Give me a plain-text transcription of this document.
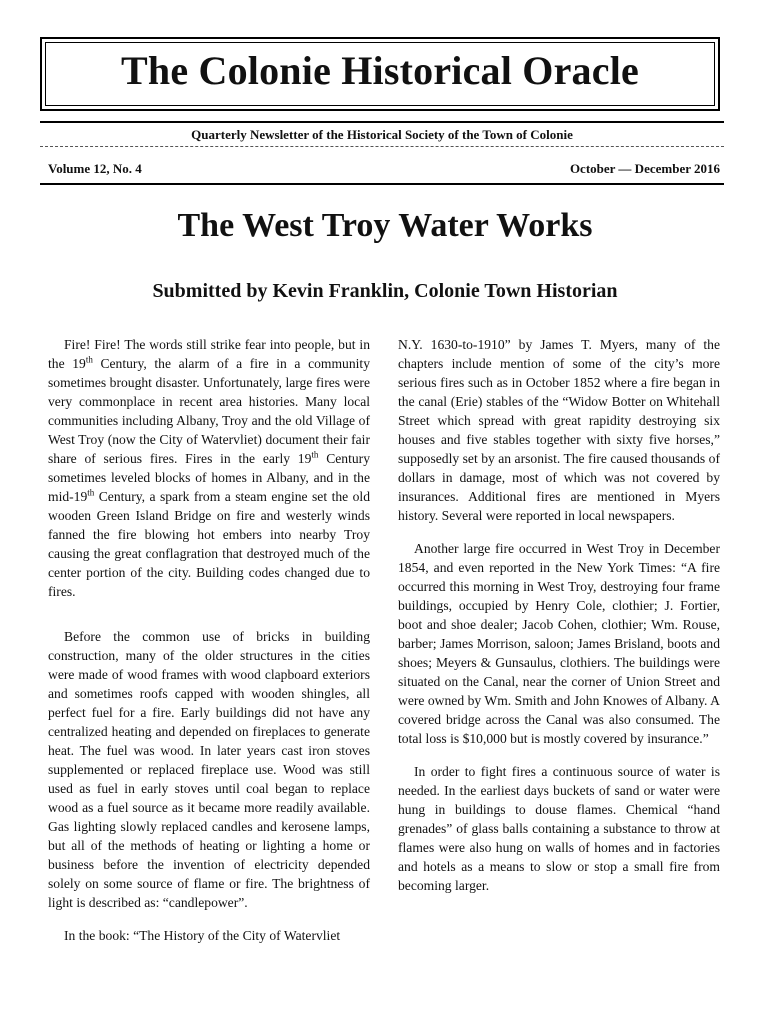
The Colonie Historical Oracle
Quarterly Newsletter of the Historical Society of the Town of Colonie
Volume 12, No. 4	October — December 2016
The West Troy Water Works
Submitted by Kevin Franklin, Colonie Town Historian

Fire! Fire! The words still strike fear into people, but in the 19th Century, the alarm of a fire in a community sometimes brought disaster. Unfortunately, large fires were very commonplace in recent area histories. Many local communities including Albany, Troy and the old Village of West Troy (now the City of Watervliet) document their fair share of serious fires. Fires in the early 19th Century sometimes leveled blocks of homes in Albany, and in the mid-19th Century, a spark from a steam engine set the old wooden Green Island Bridge on fire and westerly winds fanned the fire blowing hot embers into nearby Troy causing the great conflagration that destroyed much of the center portion of the city. Building codes changed due to fires.

Before the common use of bricks in building construction, many of the older structures in the cities were made of wood frames with wood clapboard exteriors and sometimes roofs capped with wooden shingles, all perfect fuel for a fire. Early buildings did not have any centralized heating and depended on fireplaces to generate heat. The fuel was wood. In later years cast iron stoves supplemented or replaced fireplace use. Wood was still used as fuel in early stoves until coal began to replace wood as a fuel source as it became more readily available. Gas lighting slowly replaced candles and kerosene lamps, but all of the methods of heating or lighting a home or business before the invention of electricity depended solely on some source of flame or fire. The brightness of light is described as: “candlepower”.

In the book: “The History of the City of Watervliet

N.Y. 1630-to-1910” by James T. Myers, many of the chapters include mention of some of the city’s more serious fires such as in October 1852 where a fire began in the canal (Erie) stables of the “Widow Botter on Whitehall Street which spread with great rapidity destroying six houses and five stables together with sixty five horses,” supposedly set by an arsonist. The fire caused thousands of dollars in damage, most of which was not covered by insurances. Additional fires are mentioned in Myers history. Several were reported in local newspapers.

Another large fire occurred in West Troy in December 1854, and even reported in the New York Times: “A fire occurred this morning in West Troy, destroying four frame buildings, occupied by Henry Cole, clothier; J. Fortier, boot and shoe dealer; Jacob Cohen, clothier; Wm. Rouse, barber; James Morrison, saloon; James Brisland, boots and shoes; Meyers & Gunsaulus, clothiers. The buildings were situated on the Canal, near the corner of Union Street and were owned by Wm. Smith and John Knowes of Albany. A covered bridge across the Canal was also consumed. The total loss is $10,000 but is mostly covered by insurance.”

In order to fight fires a continuous source of water is needed. In the earliest days buckets of sand or water were hung in buildings to douse flames. Chemical “hand grenades” of glass balls containing a substance to throw at flames were also hung on walls of homes and in factories and hotels as a means to slow or stop a small fire from becoming larger.
